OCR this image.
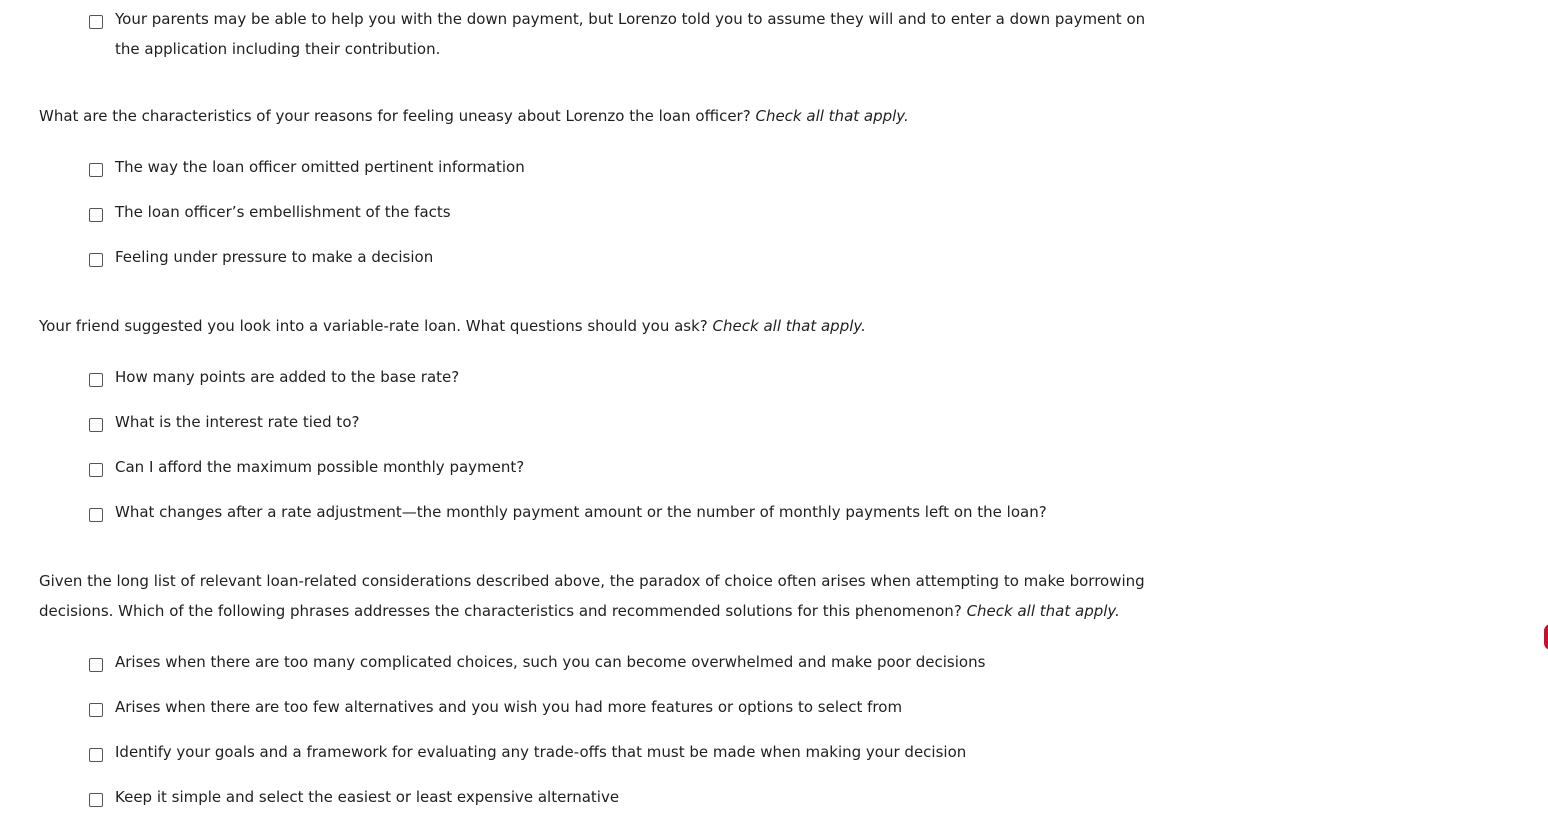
Your parents may be able to help you with the down payment, but Lorenzo told you to assume they will and to enter a down payment on the application including their contribution.
What are the characteristics of your reasons for feeling uneasy about Lorenzo the loan officer? Check all that apply.
The way the loan officer omitted pertinent information
The loan officer’s embellishment of the facts
Feeling under pressure to make a decision
Your friend suggested you look into a variable-rate loan. What questions should you ask? Check all that apply.
How many points are added to the base rate?
What is the interest rate tied to?
Can I afford the maximum possible monthly payment?
What changes after a rate adjustment—the monthly payment amount or the number of monthly payments left on the loan?
Given the long list of relevant loan-related considerations described above, the paradox of choice often arises when attempting to make borrowing decisions. Which of the following phrases addresses the characteristics and recommended solutions for this phenomenon? Check all that apply.
Arises when there are too many complicated choices, such you can become overwhelmed and make poor decisions
Arises when there are too few alternatives and you wish you had more features or options to select from
Identify your goals and a framework for evaluating any trade-offs that must be made when making your decision
Keep it simple and select the easiest or least expensive alternative
